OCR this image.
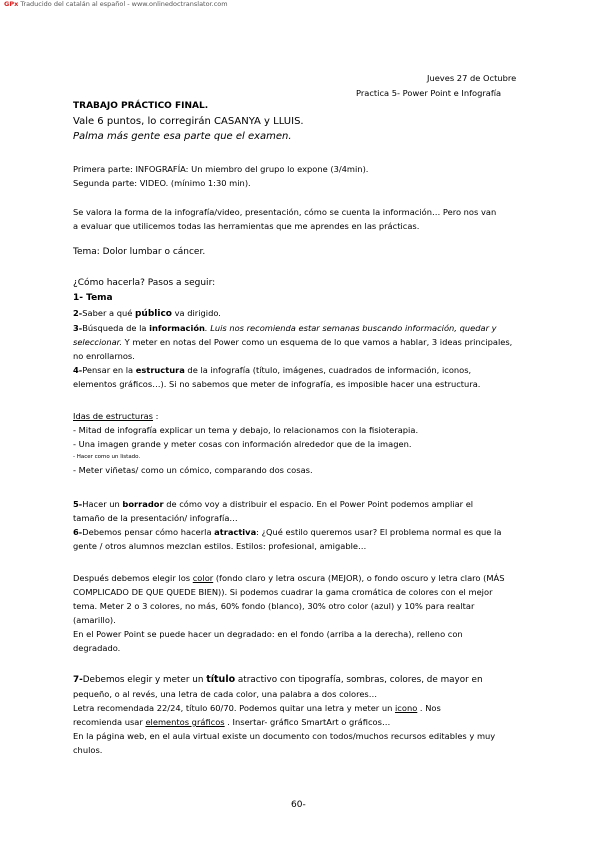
GPx Traducido del catalán al español - www.onlinedoctranslator.com
Jueves 27 de Octubre
Practica 5- Power Point e Infografía
TRABAJO PRÁCTICO FINAL.
Vale 6 puntos, lo corregirán CASANYA y LLUIS.
Palma más gente esa parte que el examen.
Primera parte: INFOGRAFÍA: Un miembro del grupo lo expone (3/4min).
Segunda parte: VIDEO. (mínimo 1:30 min).
Se valora la forma de la infografía/video, presentación, cómo se cuenta la información… Pero nos van
a evaluar que utilicemos todas las herramientas que me aprendes en las prácticas.
Tema: Dolor lumbar o cáncer.
¿Cómo hacerla? Pasos a seguir:
1- Tema
2-Saber a qué público va dirigido.
3-Búsqueda de la información. Luis nos recomienda estar semanas buscando información, quedar y
seleccionar. Y meter en notas del Power como un esquema de lo que vamos a hablar, 3 ideas principales,
no enrollarnos.
4-Pensar en la estructura de la infografía (título, imágenes, cuadrados de información, iconos,
elementos gráficos…). Si no sabemos que meter de infografía, es imposible hacer una estructura.
Idas de estructuras :
- Mitad de infografía explicar un tema y debajo, lo relacionamos con la fisioterapia.
- Una imagen grande y meter cosas con información alrededor que de la imagen.
- Hacer como un listado.
- Meter viñetas/ como un cómico, comparando dos cosas.
5-Hacer un borrador de cómo voy a distribuir el espacio. En el Power Point podemos ampliar el
tamaño de la presentación/ infografía…
6-Debemos pensar cómo hacerla atractiva: ¿Qué estilo queremos usar? El problema normal es que la
gente / otros alumnos mezclan estilos. Estilos: profesional, amigable…
Después debemos elegir los color (fondo claro y letra oscura (MEJOR), o fondo oscuro y letra claro (MÁS
COMPLICADO DE QUE QUEDE BIEN)). Si podemos cuadrar la gama cromática de colores con el mejor
tema. Meter 2 o 3 colores, no más, 60% fondo (blanco), 30% otro color (azul) y 10% para realtar
(amarillo).
En el Power Point se puede hacer un degradado: en el fondo (arriba a la derecha), relleno con
degradado.
7-Debemos elegir y meter un título atractivo con tipografía, sombras, colores, de mayor en
pequeño, o al revés, una letra de cada color, una palabra a dos colores…
Letra recomendada 22/24, título 60/70. Podemos quitar una letra y meter un icono . Nos
recomienda usar elementos gráficos . Insertar- gráfico SmartArt o gráficos…
En la página web, en el aula virtual existe un documento con todos/muchos recursos editables y muy
chulos.
60-
